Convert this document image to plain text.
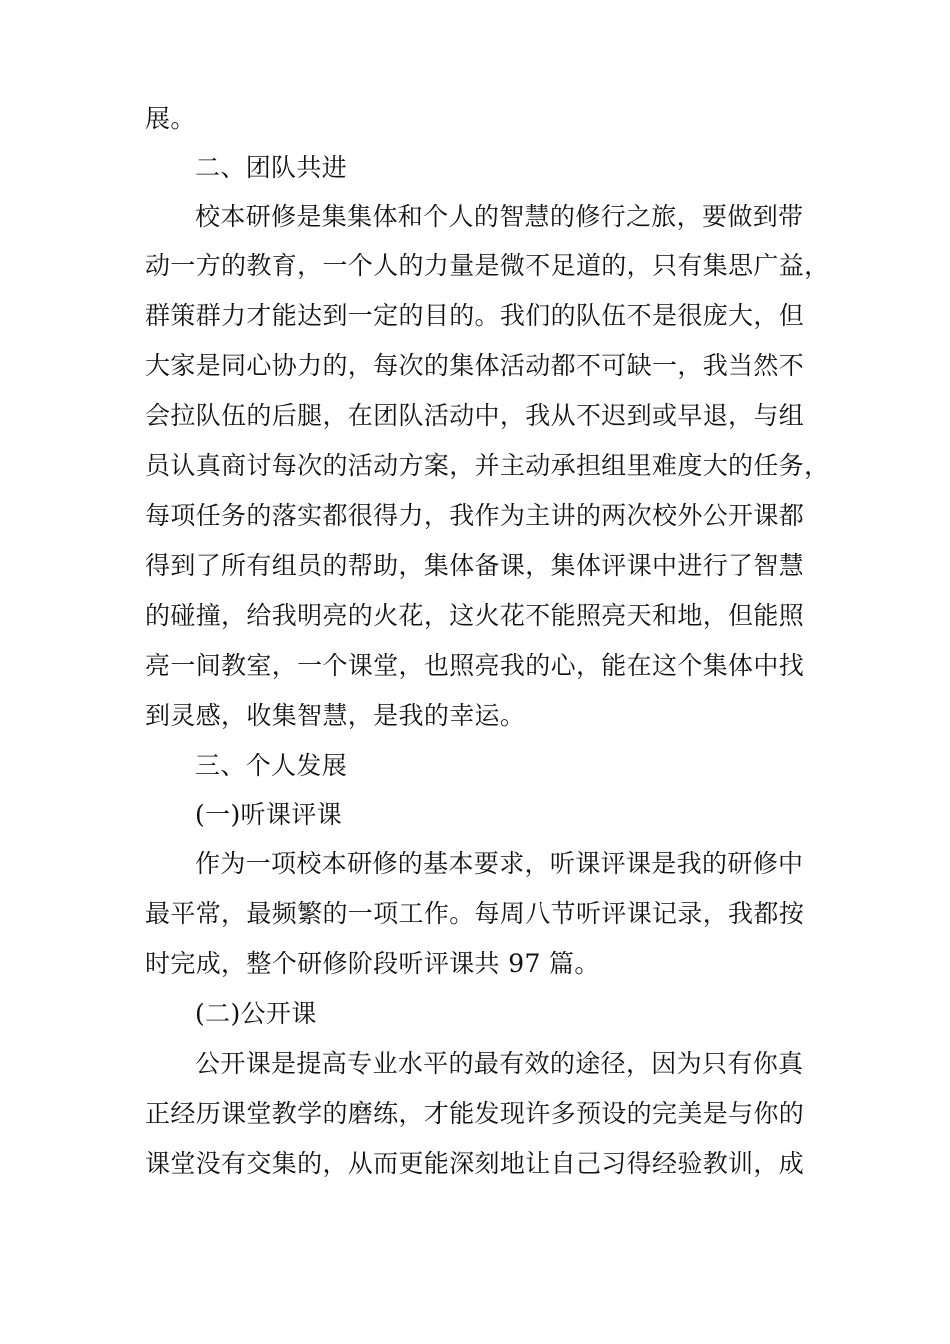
展。
二、团队共进
校本研修是集集体和个人的智慧的修行之旅，要做到带
动一方的教育，一个人的力量是微不足道的，只有集思广益，
群策群力才能达到一定的目的。我们的队伍不是很庞大，但
大家是同心协力的，每次的集体活动都不可缺一，我当然不
会拉队伍的后腿，在团队活动中，我从不迟到或早退，与组
员认真商讨每次的活动方案，并主动承担组里难度大的任务，
每项任务的落实都很得力，我作为主讲的两次校外公开课都
得到了所有组员的帮助，集体备课，集体评课中进行了智慧
的碰撞，给我明亮的火花，这火花不能照亮天和地，但能照
亮一间教室，一个课堂，也照亮我的心，能在这个集体中找
到灵感，收集智慧，是我的幸运。
三、个人发展
(一)听课评课
作为一项校本研修的基本要求，听课评课是我的研修中
最平常，最频繁的一项工作。每周八节听评课记录，我都按
时完成，整个研修阶段听评课共 97 篇。
(二)公开课
公开课是提高专业水平的最有效的途径，因为只有你真
正经历课堂教学的磨练，才能发现许多预设的完美是与你的
课堂没有交集的，从而更能深刻地让自己习得经验教训，成
